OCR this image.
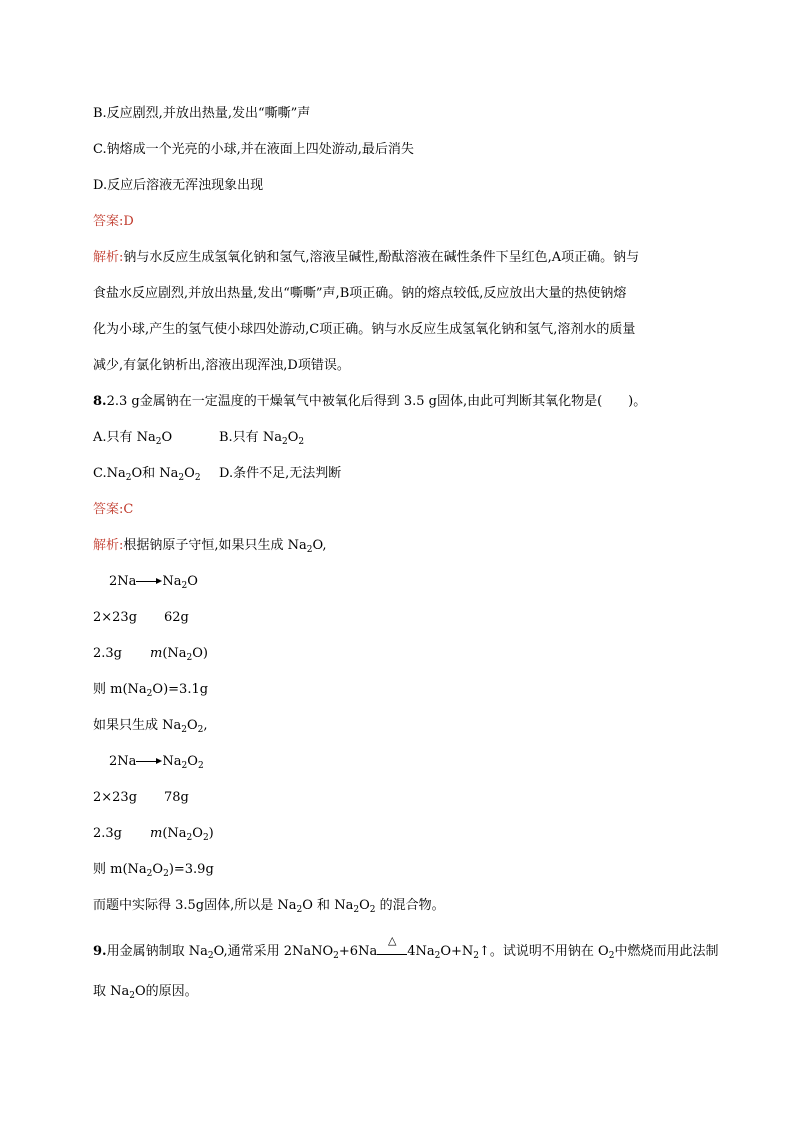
B.反应剧烈,并放出热量,发出“嘶嘶”声
C.钠熔成一个光亮的小球,并在液面上四处游动,最后消失
D.反应后溶液无浑浊现象出现
答案:D
解析:钠与水反应生成氢氧化钠和氢气,溶液呈碱性,酚酞溶液在碱性条件下呈红色,A项正确。钠与
食盐水反应剧烈,并放出热量,发出“嘶嘶”声,B项正确。钠的熔点较低,反应放出大量的热使钠熔
化为小球,产生的氢气使小球四处游动,C项正确。钠与水反应生成氢氧化钠和氢气,溶剂水的质量
减少,有氯化钠析出,溶液出现浑浊,D项错误。
8.2.3 g金属钠在一定温度的干燥氧气中被氧化后得到 3.5 g固体,由此可判断其氧化物是(　　)。
A.只有 $Na_2O$	B.只有 $Na_2O_2$
$C.Na_2O$和 $Na_2O_2$ D.条件不足,无法判断
答案:C
解析:根据钠原子守恒,如果只生成 $Na_2O$,
2Na $Na_2O$
2×23g 62g
2.3g $m(Na_2O)$
则 $m(Na_2O)=3.1g$
如果只生成 $Na_2O_2$,
2Na $Na_2O_2$
2×23g 78g
2.3g $m(Na_2O_2)$
则 $m(Na_2O_2)=3.9g$
而题中实际得 3.5g固体,所以是 $Na_2O$ 和 $Na_2O_2$ 的混合物。
9.用金属钠制取 $Na_2O$,通常采用 2NaNO$_2$+6Na
△
$4Na_2O+N_2↑$。试说明不用钠在 $O_2$中燃烧而用此法制
取 $Na_2O$的原因。
